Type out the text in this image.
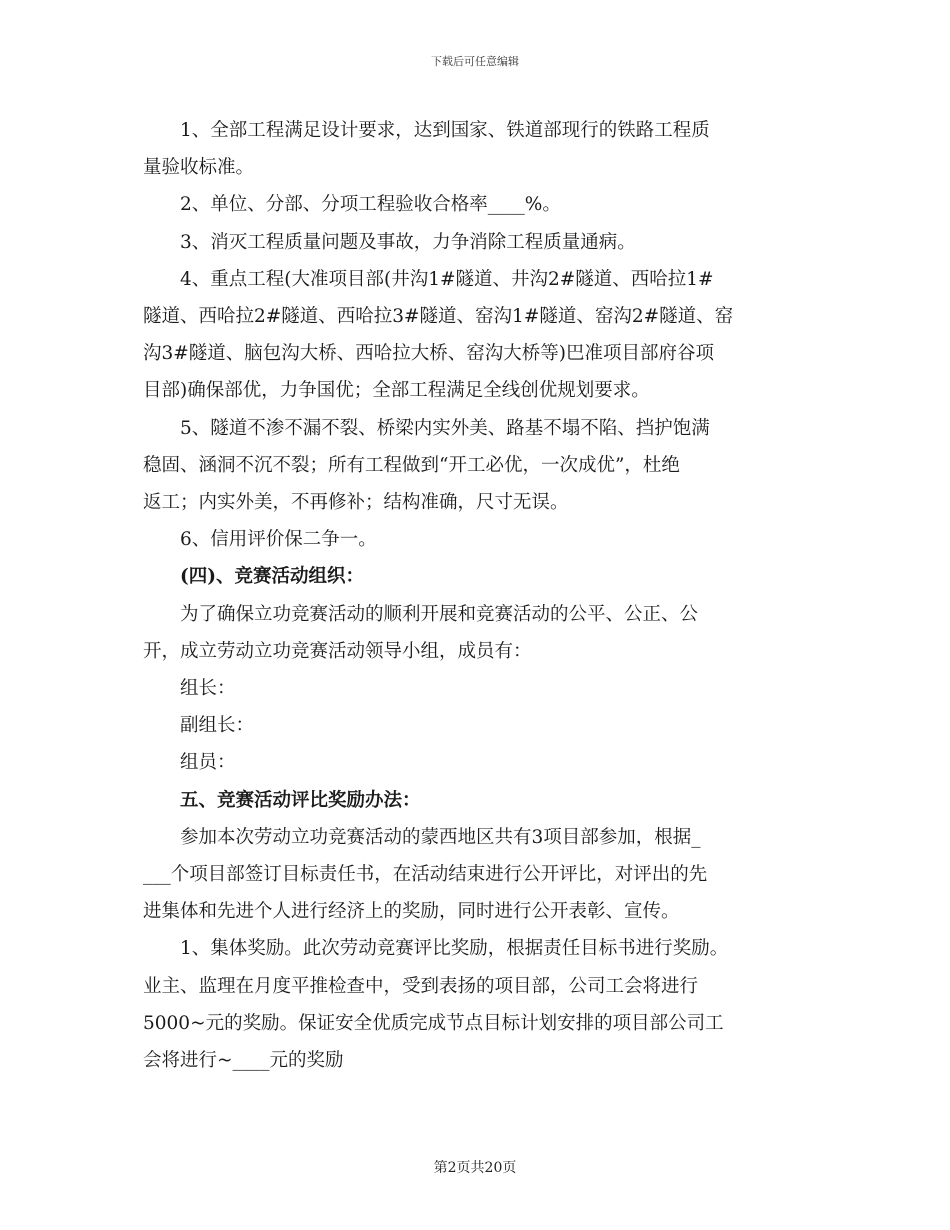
下载后可任意编辑
1、全部工程满足设计要求，达到国家、铁道部现行的铁路工程质
量验收标准。
2、单位、分部、分项工程验收合格率____%。
3、消灭工程质量问题及事故，力争消除工程质量通病。
4、重点工程(大准项目部(井沟1#隧道、井沟2#隧道、西哈拉1#
隧道、西哈拉2#隧道、西哈拉3#隧道、窑沟1#隧道、窑沟2#隧道、窑
沟3#隧道、脑包沟大桥、西哈拉大桥、窑沟大桥等)巴准项目部府谷项
目部)确保部优，力争国优；全部工程满足全线创优规划要求。
5、隧道不渗不漏不裂、桥梁内实外美、路基不塌不陷、挡护饱满
稳固、涵洞不沉不裂；所有工程做到“开工必优，一次成优”，杜绝
返工；内实外美，不再修补；结构准确，尺寸无误。
6、信用评价保二争一。
(四)、竞赛活动组织：
为了确保立功竞赛活动的顺利开展和竞赛活动的公平、公正、公
开，成立劳动立功竞赛活动领导小组，成员有：
组长：
副组长：
组员：
五、竞赛活动评比奖励办法：
参加本次劳动立功竞赛活动的蒙西地区共有3项目部参加，根据_
___个项目部签订目标责任书，在活动结束进行公开评比，对评出的先
进集体和先进个人进行经济上的奖励，同时进行公开表彰、宣传。
1、集体奖励。此次劳动竞赛评比奖励，根据责任目标书进行奖励。
业主、监理在月度平推检查中，受到表扬的项目部，公司工会将进行
5000~元的奖励。保证安全优质完成节点目标计划安排的项目部公司工
会将进行~____元的奖励
第2页共20页
